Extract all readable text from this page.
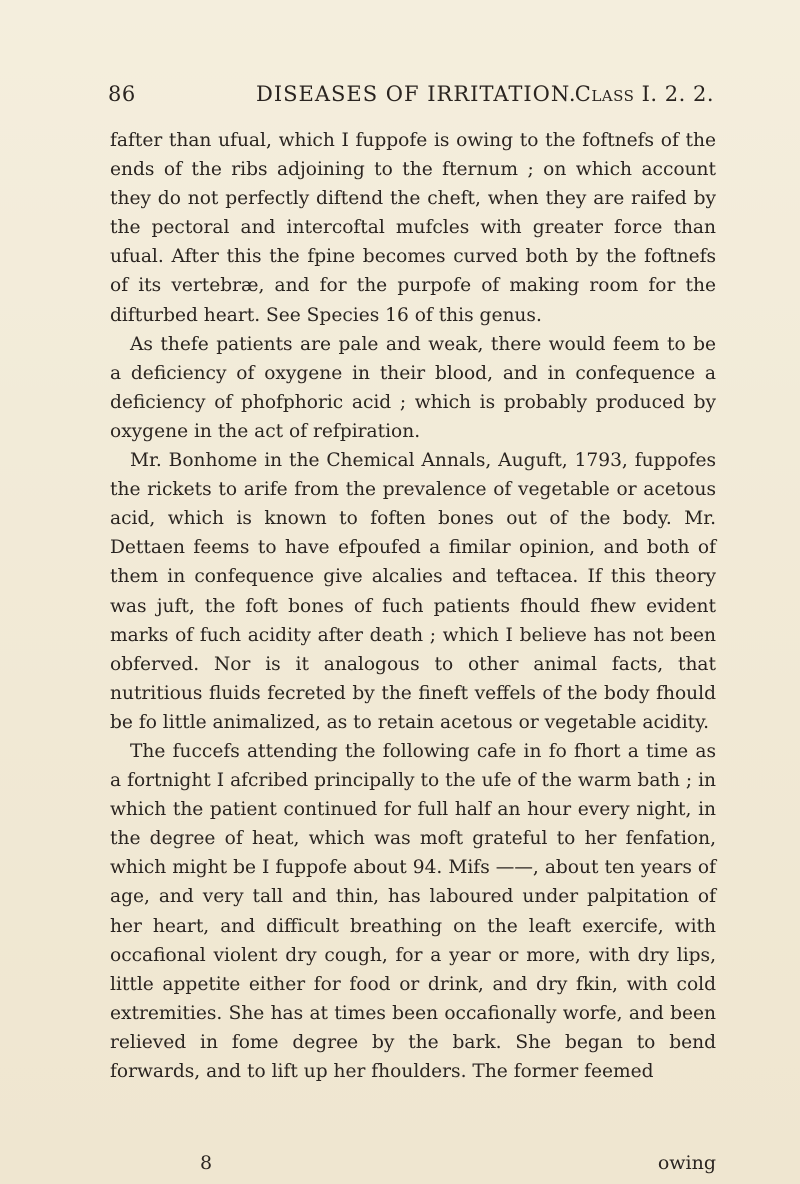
86	DISEASES OF IRRITATION.
Class I. 2. 2.

fafter than ufual, which I fuppofe is owing to the foftnefs of the ends of the ribs adjoining to the fternum ; on which account they do not perfectly diftend the cheft, when they are raifed by the pectoral and intercoftal mufcles with greater force than ufual. After this the fpine becomes curved both by the foftnefs of its vertebræ, and for the purpofe of making room for the difturbed heart. See Species 16 of this genus.

As thefe patients are pale and weak, there would feem to be a deficiency of oxygene in their blood, and in confequence a deficiency of phofphoric acid ; which is probably produced by oxygene in the act of refpiration.

Mr. Bonhome in the Chemical Annals, Auguft, 1793, fuppofes the rickets to arife from the prevalence of vegetable or acetous acid, which is known to foften bones out of the body. Mr. Dettaen feems to have efpoufed a fimilar opinion, and both of them in confequence give alcalies and teftacea. If this theory was juft, the foft bones of fuch patients fhould fhew evident marks of fuch acidity after death ; which I believe has not been obferved. Nor is it analogous to other animal facts, that nutritious fluids fecreted by the fineft veffels of the body fhould be fo little animalized, as to retain acetous or vegetable acidity.

The fuccefs attending the following cafe in fo fhort a time as a fortnight I afcribed principally to the ufe of the warm bath ; in which the patient continued for full half an hour every night, in the degree of heat, which was moft grateful to her fenfation, which might be I fuppofe about 94. Mifs ——, about ten years of age, and very tall and thin, has laboured under palpitation of her heart, and difficult breathing on the leaft exercife, with occafional violent dry cough, for a year or more, with dry lips, little appetite either for food or drink, and dry fkin, with cold extremities. She has at times been occafionally worfe, and been relieved in fome degree by the bark. She began to bend forwards, and to lift up her fhoulders. The former feemed

8	owing
